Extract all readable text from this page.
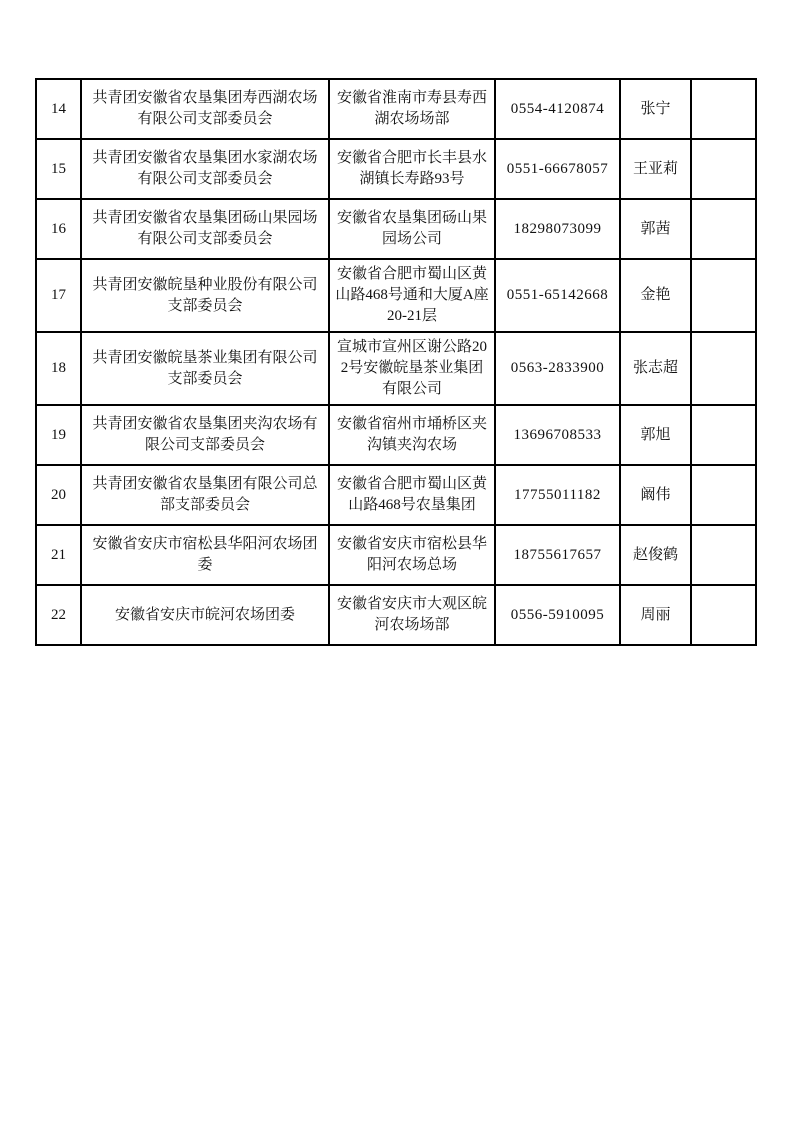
14	共青团安徽省农垦集团寿西湖农场有限公司支部委员会	安徽省淮南市寿县寿西湖农场场部	0554-4120874	张宁	
15	共青团安徽省农垦集团水家湖农场有限公司支部委员会	安徽省合肥市长丰县水湖镇长寿路93号	0551-66678057	王亚莉	
16	共青团安徽省农垦集团砀山果园场有限公司支部委员会	安徽省农垦集团砀山果园场公司	18298073099	郭茜	
17	共青团安徽皖垦种业股份有限公司支部委员会	安徽省合肥市蜀山区黄山路468号通和大厦A座20-21层	0551-65142668	金艳	
18	共青团安徽皖垦茶业集团有限公司支部委员会	宣城市宣州区谢公路202号安徽皖垦茶业集团有限公司	0563-2833900	张志超	
19	共青团安徽省农垦集团夹沟农场有限公司支部委员会	安徽省宿州市埇桥区夹沟镇夹沟农场	13696708533	郭旭	
20	共青团安徽省农垦集团有限公司总部支部委员会	安徽省合肥市蜀山区黄山路468号农垦集团	17755011182	阚伟	
21	安徽省安庆市宿松县华阳河农场团委	安徽省安庆市宿松县华阳河农场总场	18755617657	赵俊鹤	
22	安徽省安庆市皖河农场团委	安徽省安庆市大观区皖河农场场部	0556-5910095	周丽	
